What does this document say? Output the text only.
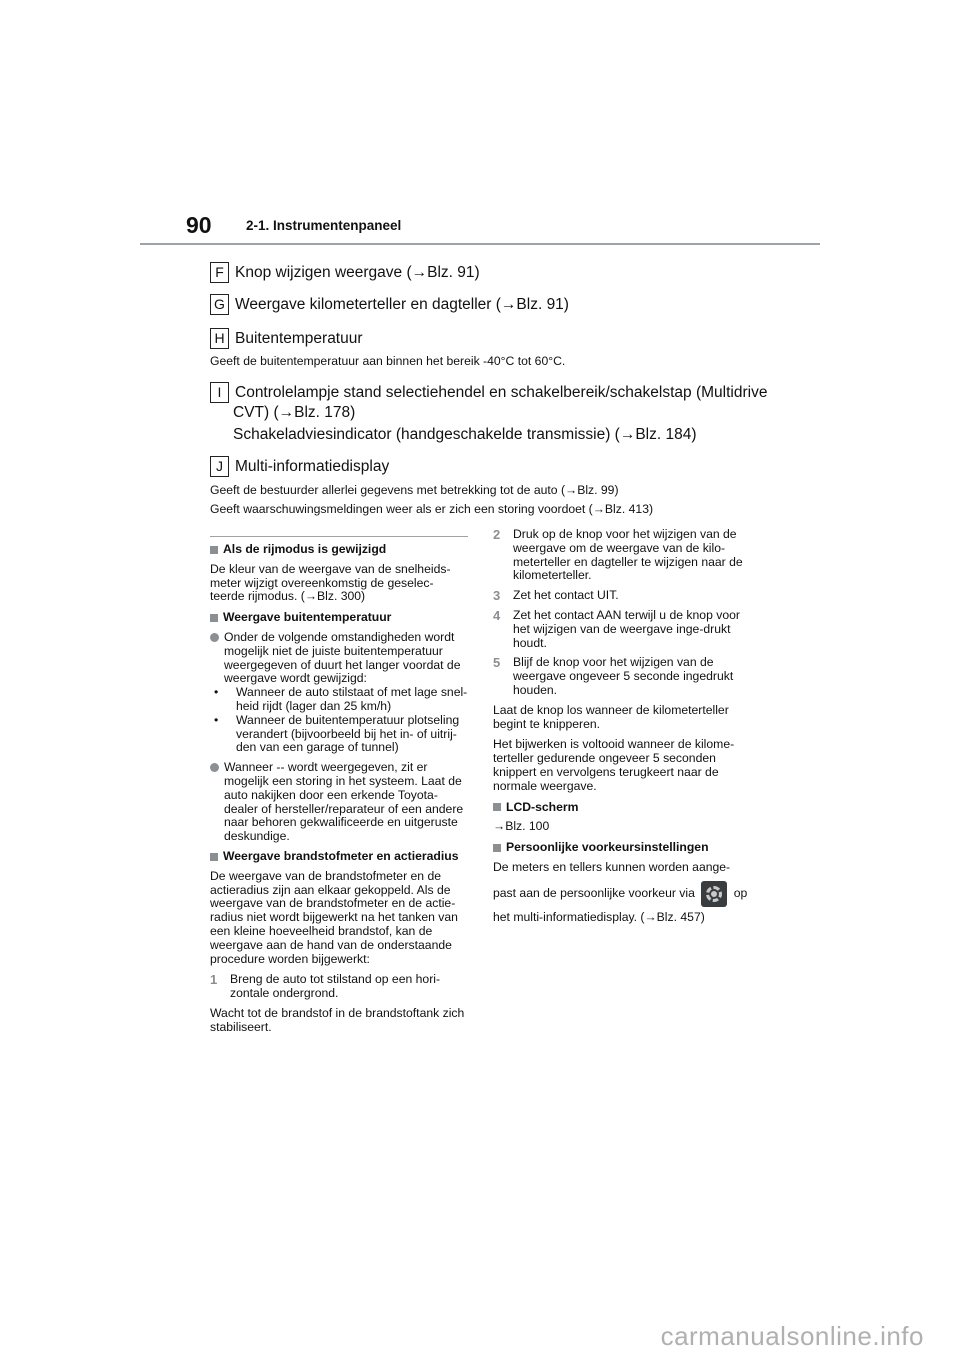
90	2-1. Instrumentenpaneel
F Knop wijzigen weergave (→Blz. 91)
G Weergave kilometerteller en dagteller (→Blz. 91)
H Buitentemperatuur
Geeft de buitentemperatuur aan binnen het bereik -40°C tot 60°C.
I Controlelampje stand selectiehendel en schakelbereik/schakelstap (Multidrive
CVT) (→Blz. 178)
Schakeladviesindicator (handgeschakelde transmissie) (→Blz. 184)
J Multi-informatiedisplay
Geeft de bestuurder allerlei gegevens met betrekking tot de auto (→Blz. 99)
Geeft waarschuwingsmeldingen weer als er zich een storing voordoet (→Blz. 413)
Als de rijmodus is gewijzigd

De kleur van de weergave van de snelheids-meter wijzigt overeenkomstig de geselec-teerde rijmodus. (→Blz. 300)

Weergave buitentemperatuur
Onder de volgende omstandigheden wordt mogelijk niet de juiste buitentemperatuur weergegeven of duurt het langer voordat de weergave wordt gewijzigd:
•	Wanneer de auto stilstaat of met lage snel-heid rijdt (lager dan 25 km/h)
•	Wanneer de buitentemperatuur plotseling verandert (bijvoorbeeld bij het in- of uitrij-den van een garage of tunnel)
Wanneer -- wordt weergegeven, zit er mogelijk een storing in het systeem. Laat de auto nakijken door een erkende Toyota-dealer of hersteller/reparateur of een andere naar behoren gekwalificeerde en uitgeruste deskundige.
Weergave brandstofmeter en actieradius

De weergave van de brandstofmeter en de actieradius zijn aan elkaar gekoppeld. Als de weergave van de brandstofmeter en de actie-radius niet wordt bijgewerkt na het tanken van een kleine hoeveelheid brandstof, kan de weergave aan de hand van de onderstaande procedure worden bijgewerkt:

1	Breng de auto tot stilstand op een hori-zontale ondergrond.

Wacht tot de brandstof in de brandstoftank zich stabiliseert.

2	Druk op de knop voor het wijzigen van de weergave om de weergave van de kilo-meterteller en dagteller te wijzigen naar de kilometerteller.
3	Zet het contact UIT.
4	Zet het contact AAN terwijl u de knop voor het wijzigen van de weergave inge-drukt houdt.
5	Blijf de knop voor het wijzigen van de weergave ongeveer 5 seconde ingedrukt houden.

Laat de knop los wanneer de kilometerteller begint te knipperen.

Het bijwerken is voltooid wanneer de kilome-terteller gedurende ongeveer 5 seconden knippert en vervolgens terugkeert naar de normale weergave.

LCD-scherm

→Blz. 100

Persoonlijke voorkeursinstellingen

De meters en tellers kunnen worden aange-

past aan de persoonlijke voorkeur via	op

het multi-informatiedisplay. (→Blz. 457)

carmanualsonline.info
